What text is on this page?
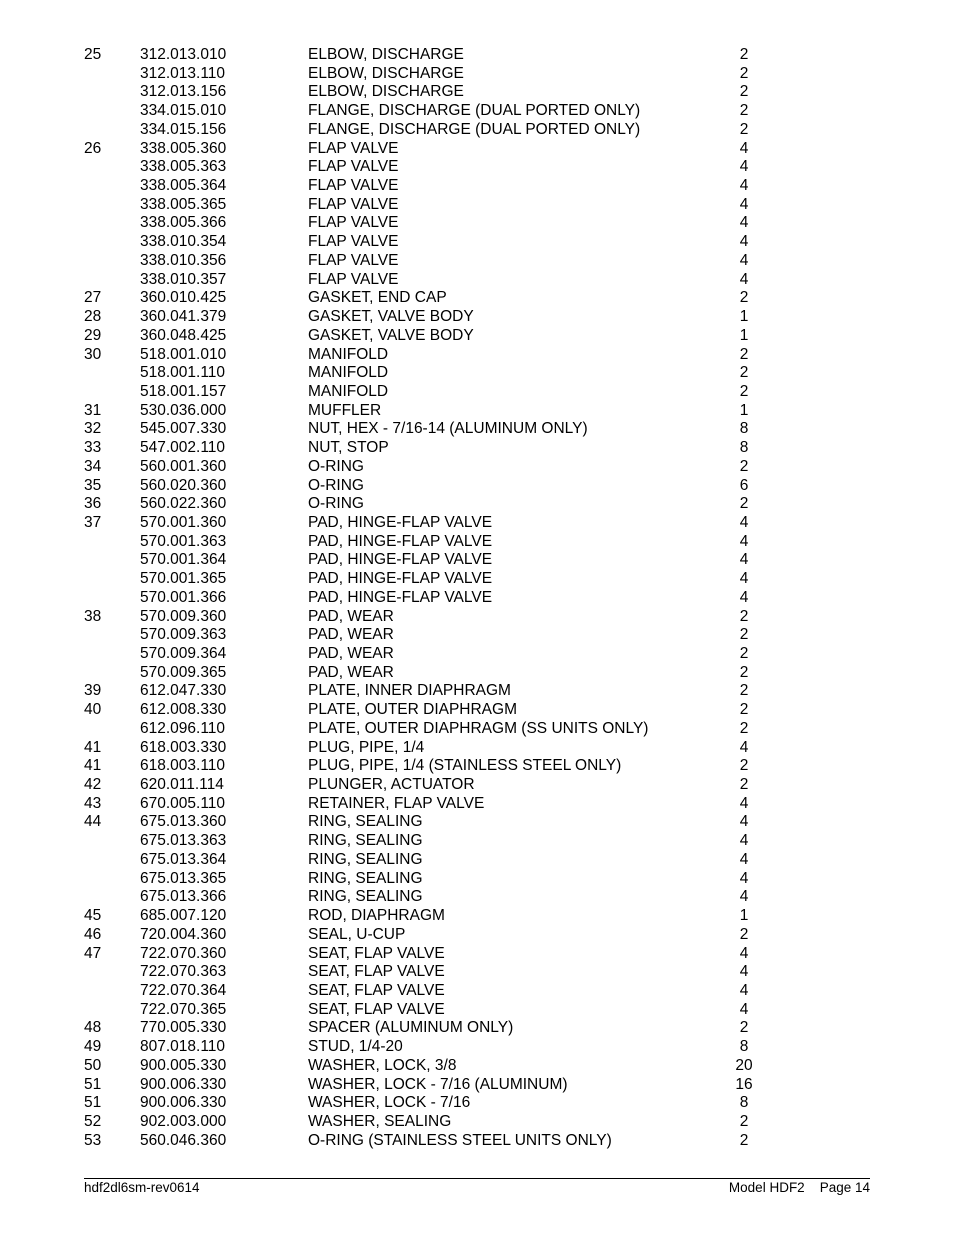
25	312.013.010	ELBOW, DISCHARGE	2
312.013.110	ELBOW, DISCHARGE	2
312.013.156	ELBOW, DISCHARGE	2
334.015.010	FLANGE, DISCHARGE (DUAL PORTED ONLY)	2
334.015.156	FLANGE, DISCHARGE (DUAL PORTED ONLY)	2
26	338.005.360	FLAP VALVE	4
338.005.363	FLAP VALVE	4
338.005.364	FLAP VALVE	4
338.005.365	FLAP VALVE	4
338.005.366	FLAP VALVE	4
338.010.354	FLAP VALVE	4
338.010.356	FLAP VALVE	4
338.010.357	FLAP VALVE	4
27	360.010.425	GASKET, END CAP	2
28	360.041.379	GASKET, VALVE BODY	1
29	360.048.425	GASKET, VALVE BODY	1
30	518.001.010	MANIFOLD	2
518.001.110	MANIFOLD	2
518.001.157	MANIFOLD	2
31	530.036.000	MUFFLER	1
32	545.007.330	NUT, HEX - 7/16-14 (ALUMINUM ONLY)	8
33	547.002.110	NUT, STOP	8
34	560.001.360	O-RING	2
35	560.020.360	O-RING	6
36	560.022.360	O-RING	2
37	570.001.360	PAD, HINGE-FLAP VALVE	4
570.001.363	PAD, HINGE-FLAP VALVE	4
570.001.364	PAD, HINGE-FLAP VALVE	4
570.001.365	PAD, HINGE-FLAP VALVE	4
570.001.366	PAD, HINGE-FLAP VALVE	4
38	570.009.360	PAD, WEAR	2
570.009.363	PAD, WEAR	2
570.009.364	PAD, WEAR	2
570.009.365	PAD, WEAR	2
39	612.047.330	PLATE, INNER DIAPHRAGM	2
40	612.008.330	PLATE, OUTER DIAPHRAGM	2
612.096.110	PLATE, OUTER DIAPHRAGM (SS UNITS ONLY)	2
41	618.003.330	PLUG, PIPE, 1/4	4
41	618.003.110	PLUG, PIPE, 1/4 (STAINLESS STEEL ONLY)	2
42	620.011.114	PLUNGER, ACTUATOR	2
43	670.005.110	RETAINER, FLAP VALVE	4
44	675.013.360	RING, SEALING	4
675.013.363	RING, SEALING	4
675.013.364	RING, SEALING	4
675.013.365	RING, SEALING	4
675.013.366	RING, SEALING	4
45	685.007.120	ROD, DIAPHRAGM	1
46	720.004.360	SEAL, U-CUP	2
47	722.070.360	SEAT, FLAP VALVE	4
722.070.363	SEAT, FLAP VALVE	4
722.070.364	SEAT, FLAP VALVE	4
722.070.365	SEAT, FLAP VALVE	4
48	770.005.330	SPACER (ALUMINUM ONLY)	2
49	807.018.110	STUD, 1/4-20	8
50	900.005.330	WASHER, LOCK, 3/8	20
51	900.006.330	WASHER, LOCK - 7/16 (ALUMINUM)	16
51	900.006.330	WASHER, LOCK - 7/16	8
52	902.003.000	WASHER, SEALING	2
53	560.046.360	O-RING (STAINLESS STEEL UNITS ONLY)	2
hdf2dl6sm-rev0614	Model HDF2    Page 14
